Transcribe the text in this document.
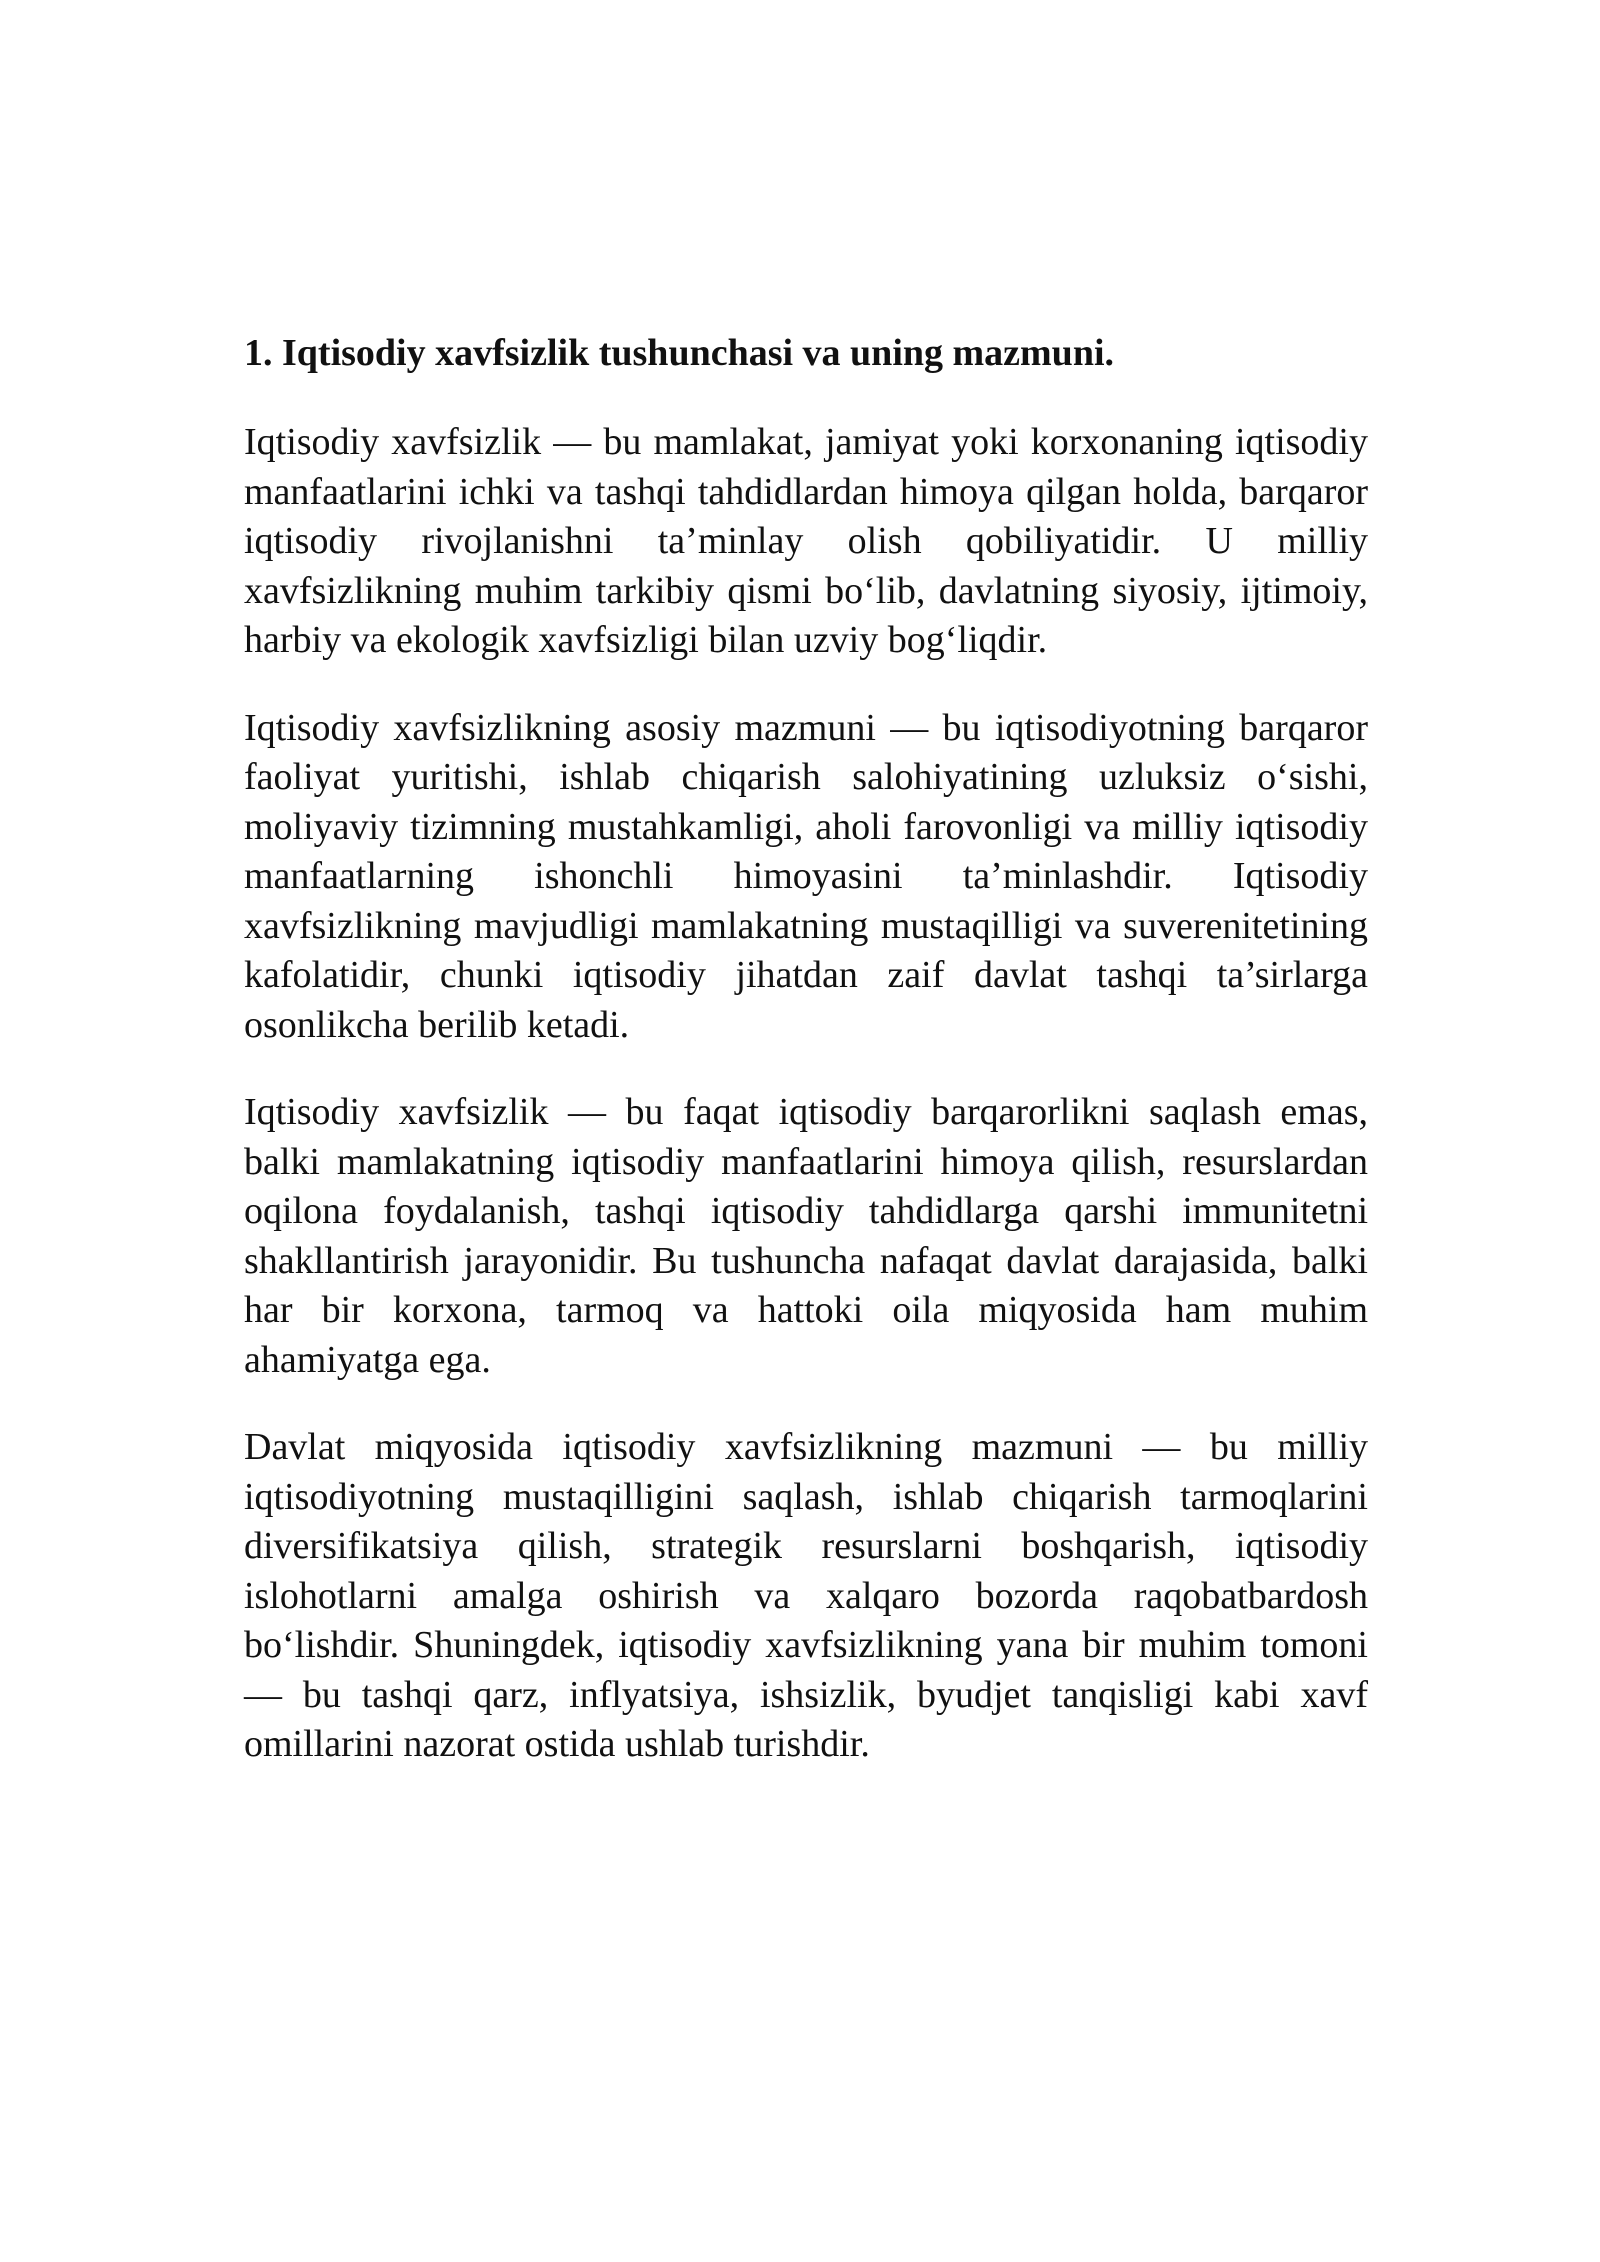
1. Iqtisodiy xavfsizlik tushunchasi va uning mazmuni.

Iqtisodiy xavfsizlik — bu mamlakat, jamiyat yoki korxonaning iqtisodiy manfaatlarini ichki va tashqi tahdidlardan himoya qilgan holda, barqaror iqtisodiy rivojlanishni ta’minlay olish qobiliyatidir. U milliy xavfsizlikning muhim tarkibiy qismi bo‘lib, davlatning siyosiy, ijtimoiy, harbiy va ekologik xavfsizligi bilan uzviy bog‘liqdir.

Iqtisodiy xavfsizlikning asosiy mazmuni — bu iqtisodiyotning barqaror faoliyat yuritishi, ishlab chiqarish salohiyatining uzluksiz o‘sishi, moliyaviy tizimning mustahkamligi, aholi farovonligi va milliy iqtisodiy manfaatlarning ishonchli himoyasini ta’minlashdir. Iqtisodiy xavfsizlikning mavjudligi mamlakatning mustaqilligi va suverenitetining kafolatidir, chunki iqtisodiy jihatdan zaif davlat tashqi ta’sirlarga osonlikcha berilib ketadi.

Iqtisodiy xavfsizlik — bu faqat iqtisodiy barqarorlikni saqlash emas, balki mamlakatning iqtisodiy manfaatlarini himoya qilish, resurslardan oqilona foydalanish, tashqi iqtisodiy tahdidlarga qarshi immunitetni shakllantirish jarayonidir. Bu tushuncha nafaqat davlat darajasida, balki har bir korxona, tarmoq va hattoki oila miqyosida ham muhim ahamiyatga ega.

Davlat miqyosida iqtisodiy xavfsizlikning mazmuni — bu milliy iqtisodiyotning mustaqilligini saqlash, ishlab chiqarish tarmoqlarini diversifikatsiya qilish, strategik resurslarni boshqarish, iqtisodiy islohotlarni amalga oshirish va xalqaro bozorda raqobatbardosh bo‘lishdir. Shuningdek, iqtisodiy xavfsizlikning yana bir muhim tomoni — bu tashqi qarz, inflyatsiya, ishsizlik, byudjet tanqisligi kabi xavf omillarini nazorat ostida ushlab turishdir.
